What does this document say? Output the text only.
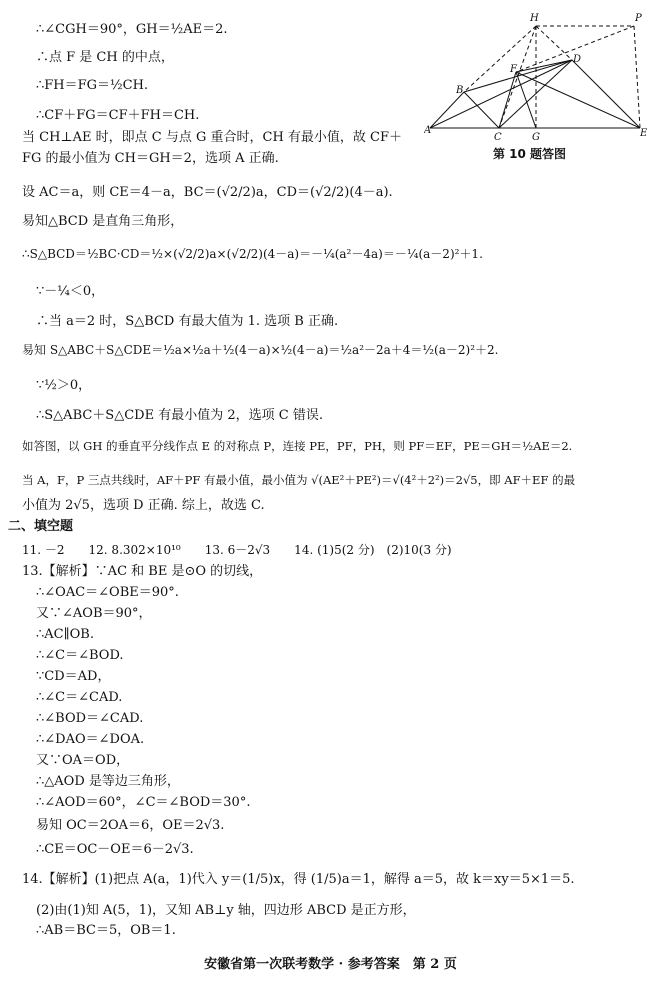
∴∠CGH＝90°，GH＝½AE＝2.
∴点 F 是 CH 的中点，
∴FH＝FG＝½CH.
∴CF＋FG＝CF＋FH＝CH.
当 CH⊥AE 时，即点 C 与点 G 重合时，CH 有最小值，故 CF＋
FG 的最小值为 CH＝GH＝2，选项 A 正确.
设 AC＝a，则 CE＝4－a，BC＝(√2/2)a，CD＝(√2/2)(4－a).
易知△BCD 是直角三角形，
∴S△BCD＝½BC·CD＝½×(√2/2)a×(√2/2)(4－a)＝－¼(a²－4a)＝－¼(a－2)²＋1.
∵－¼＜0，
∴当 a＝2 时，S△BCD 有最大值为 1. 选项 B 正确.
易知 S△ABC＋S△CDE＝½a×½a＋½(4－a)×½(4－a)＝½a²－2a＋4＝½(a－2)²＋2.
∵½＞0，
∴S△ABC＋S△CDE 有最小值为 2，选项 C 错误.
如答图，以 GH 的垂直平分线作点 E 的对称点 P，连接 PE，PF，PH，则 PF＝EF，PE＝GH＝½AE＝2.
当 A，F，P 三点共线时，AF＋PF 有最小值，最小值为 √(AE²＋PE²)＝√(4²＋2²)＝2√5，即 AF＋EF 的最
小值为 2√5，选项 D 正确. 综上，故选 C.
二、填空题
11. －2　　12. 8.302×10¹⁰　　13. 6－2√3　　14. (1)5(2 分)　(2)10(3 分)
13.【解析】∵AC 和 BE 是⊙O 的切线，
∴∠OAC＝∠OBE＝90°.
又∵∠AOB＝90°，
∴AC∥OB.
∴∠C＝∠BOD.
∵CD＝AD，
∴∠C＝∠CAD.
∴∠BOD＝∠CAD.
∴∠DAO＝∠DOA.
又∵OA＝OD，
∴△AOD 是等边三角形，
∴∠AOD＝60°，∠C＝∠BOD＝30°.
易知 OC＝2OA＝6，OE＝2√3.
∴CE＝OC－OE＝6－2√3.
14.【解析】(1)把点 A(a，1)代入 y＝(1/5)x，得 (1/5)a＝1，解得 a＝5，故 k＝xy＝5×1＝5.
(2)由(1)知 A(5，1)，又知 AB⊥y 轴，四边形 ABCD 是正方形，
∴AB＝BC＝5，OB＝1.
H	P
D
F
B
A
C	G	E
第 10 题答图
安徽省第一次联考数学 · 参考答案　第 2 页
